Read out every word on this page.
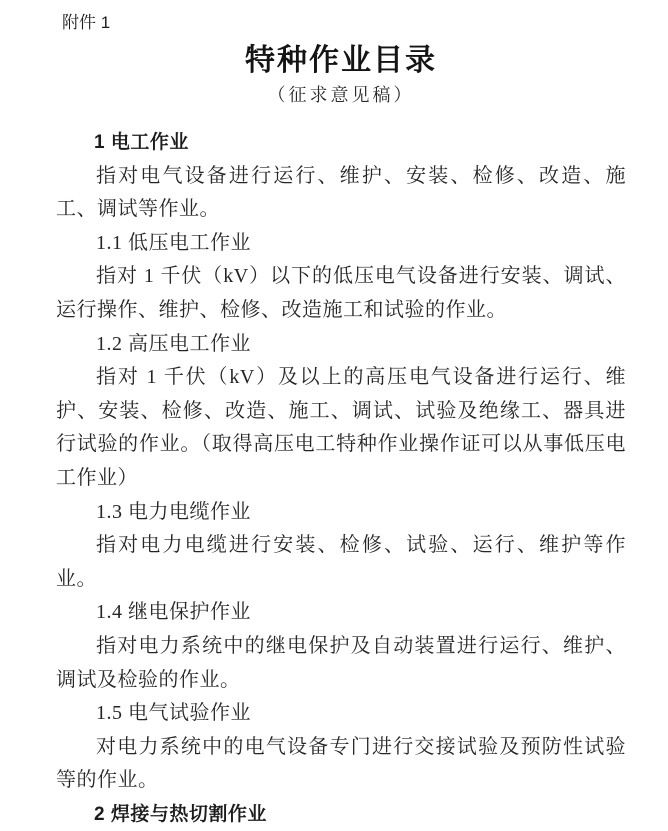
附件 1
特种作业目录
（征求意见稿）
1 电工作业
指对电气设备进行运行、维护、安装、检修、改造、施工、调试等作业。
1.1 低压电工作业
指对 1 千伏（kV）以下的低压电气设备进行安装、调试、运行操作、维护、检修、改造施工和试验的作业。
1.2 高压电工作业
指对 1 千伏（kV）及以上的高压电气设备进行运行、维护、安装、检修、改造、施工、调试、试验及绝缘工、器具进行试验的作业。（取得高压电工特种作业操作证可以从事低压电工作业）
1.3 电力电缆作业
指对电力电缆进行安装、检修、试验、运行、维护等作业。
1.4 继电保护作业
指对电力系统中的继电保护及自动装置进行运行、维护、调试及检验的作业。
1.5 电气试验作业
对电力系统中的电气设备专门进行交接试验及预防性试验等的作业。
2 焊接与热切割作业
